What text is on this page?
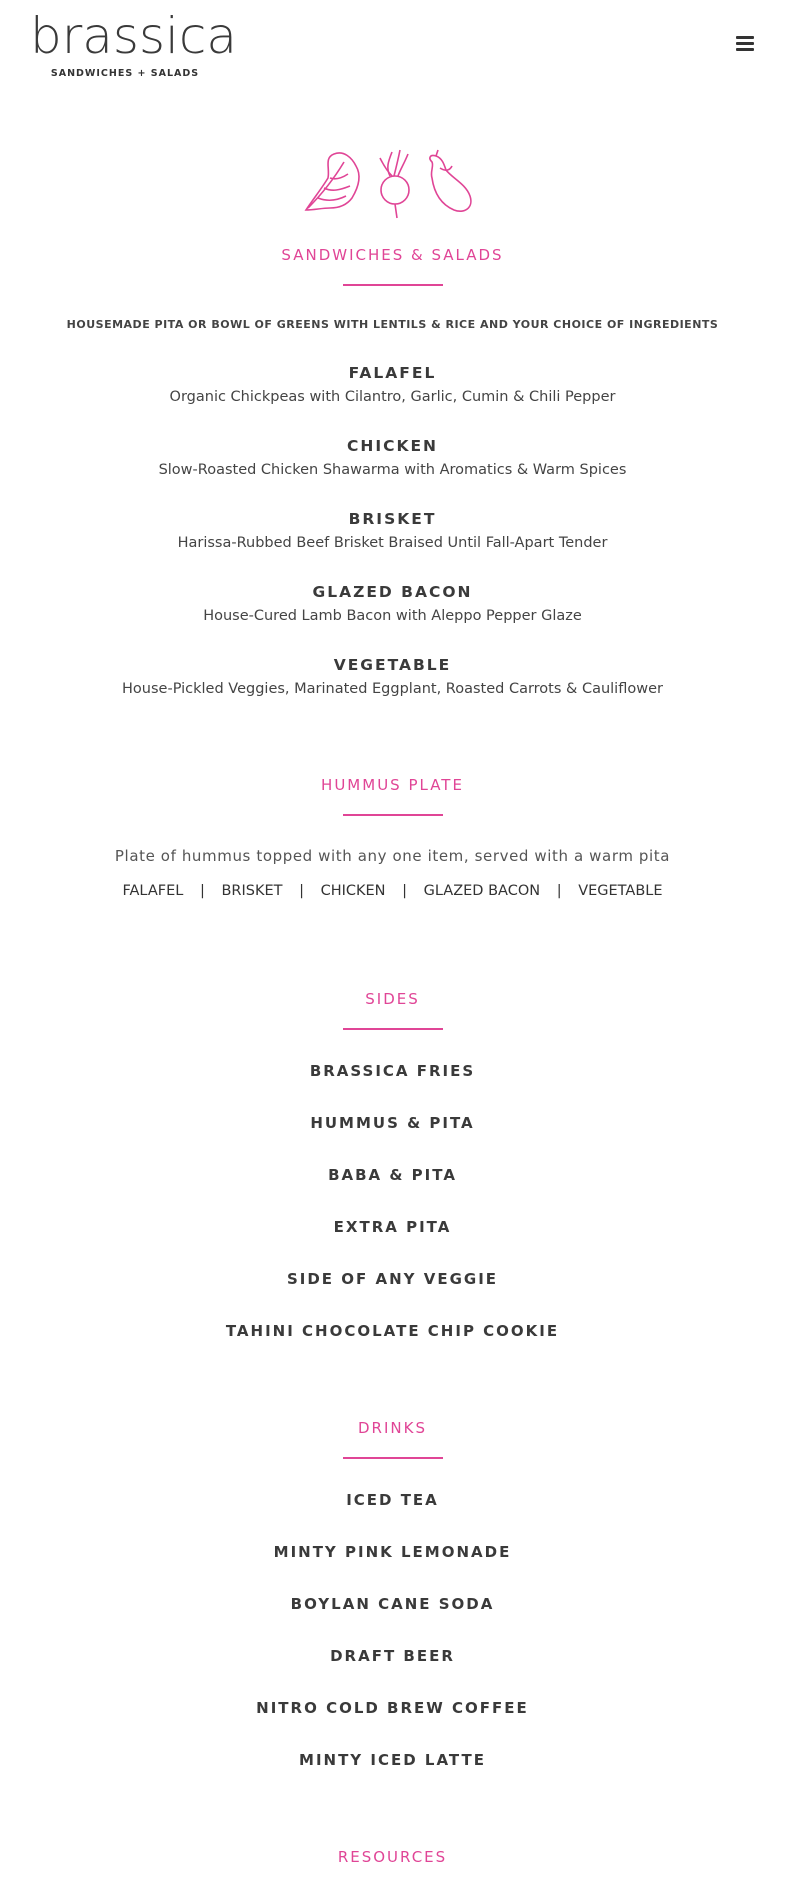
brassica
SANDWICHES + SALADS
SANDWICHES & SALADS
HOUSEMADE PITA OR BOWL OF GREENS WITH LENTILS & RICE AND YOUR CHOICE OF INGREDIENTS
FALAFEL
Organic Chickpeas with Cilantro, Garlic, Cumin & Chili Pepper
CHICKEN
Slow-Roasted Chicken Shawarma with Aromatics & Warm Spices
BRISKET
Harissa-Rubbed Beef Brisket Braised Until Fall-Apart Tender
GLAZED BACON
House-Cured Lamb Bacon with Aleppo Pepper Glaze
VEGETABLE
House-Pickled Veggies, Marinated Eggplant, Roasted Carrots & Cauliflower
HUMMUS PLATE
Plate of hummus topped with any one item, served with a warm pita
FALAFEL | BRISKET | CHICKEN | GLAZED BACON | VEGETABLE
SIDES
BRASSICA FRIES
HUMMUS & PITA
BABA & PITA
EXTRA PITA
SIDE OF ANY VEGGIE
TAHINI CHOCOLATE CHIP COOKIE
DRINKS
ICED TEA
MINTY PINK LEMONADE
BOYLAN CANE SODA
DRAFT BEER
NITRO COLD BREW COFFEE
MINTY ICED LATTE
RESOURCES
